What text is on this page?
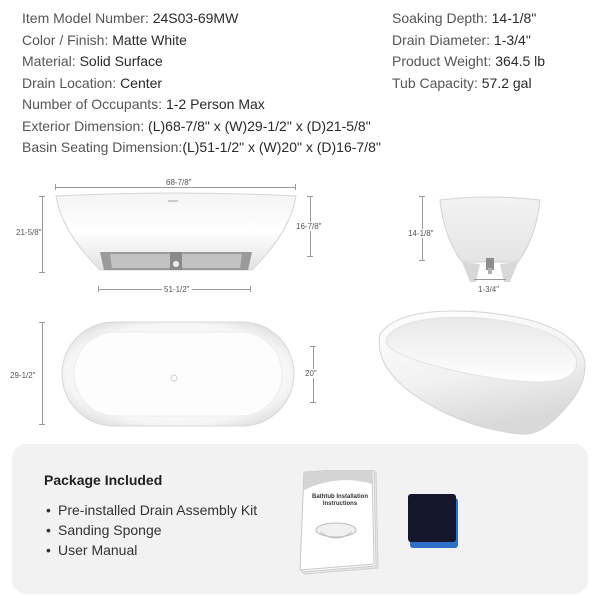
Item Model Number: 24S03-69MW
Color / Finish: Matte White
Material: Solid Surface
Drain Location: Center
Number of Occupants: 1-2 Person Max
Exterior Dimension: (L)68-7/8" x (W)29-1/2" x (D)21-5/8"
Basin Seating Dimension:(L)51-1/2" x (W)20" x (D)16-7/8"
Soaking Depth: 14-1/8"
Drain Diameter: 1-3/4"
Product Weight: 364.5 lb
Tub Capacity: 57.2 gal
68-7/8"
21-5/8"
16-7/8"
51-1/2"
14-1/8"
1-3/4"
29-1/2"	20"
Package Included
• Pre-installed Drain Assembly Kit
• Sanding Sponge
• User Manual
Bathtub Installation Instructions
